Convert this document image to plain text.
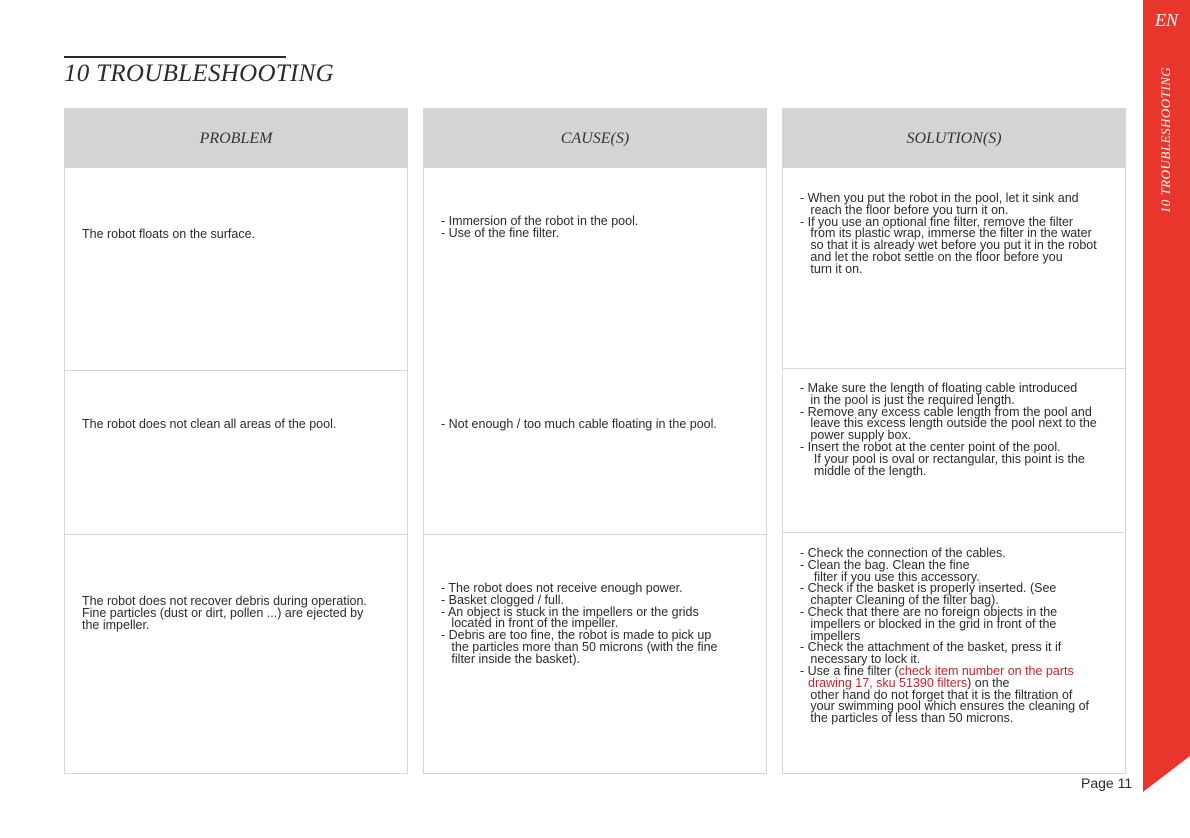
10 TROUBLESHOOTING
PROBLEM
The robot floats on the surface.
The robot does not clean all areas of the pool.
The robot does not recover debris during operation.
Fine particles (dust or dirt, pollen ...) are ejected by
the impeller.
CAUSE(S)
- Immersion of the robot in the pool.
- Use of the fine filter.
- Not enough / too much cable floating in the pool.
- The robot does not receive enough power.
- Basket clogged / full.
- An object is stuck in the impellers or the grids
located in front of the impeller.
- Debris are too fine, the robot is made to pick up
the particles more than 50 microns (with the fine
filter inside the basket).
SOLUTION(S)
- When you put the robot in the pool, let it sink and
reach the floor before you turn it on.
- If you use an optional fine filter, remove the filter
from its plastic wrap, immerse the filter in the water
so that it is already wet before you put it in the robot
and let the robot settle on the floor before you
turn it on.
- Make sure the length of floating cable introduced
in the pool is just the required length.
- Remove any excess cable length from the pool and
leave this excess length outside the pool next to the
power supply box.
- Insert the robot at the center point of the pool.
If your pool is oval or rectangular, this point is the
middle of the length.
- Check the connection of the cables.
- Clean the bag. Clean the fine
filter if you use this accessory.
- Check if the basket is properly inserted. (See
chapter Cleaning of the filter bag).
- Check that there are no foreign objects in the
impellers or blocked in the grid in front of the
impellers
- Check the attachment of the basket, press it if
necessary to lock it.
- Use a fine filter (check item number on the parts
drawing 17, sku 51390 filters) on the
other hand do not forget that it is the filtration of
your swimming pool which ensures the cleaning of
the particles of less than 50 microns.
EN
10 TROUBLESHOOTING
Page 11
